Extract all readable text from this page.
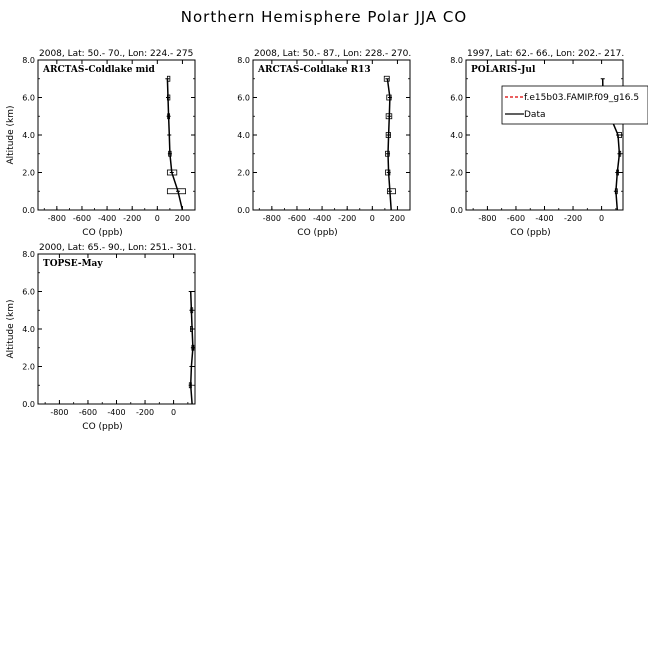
Northern Hemisphere Polar JJA CO
2008, Lat: 50.- 70., Lon: 224.- 275
ARCTAS-Coldlake mid
-800 -600 -400 -200 0 200
0.0
2.0
4.0
6.0
8.0
CO (ppb)
Altitude (km)
2008, Lat: 50.- 87., Lon: 228.- 270.
ARCTAS-Coldlake R13
-800 -600 -400 -200 0 200
0.0
2.0
4.0
6.0
8.0
CO (ppb)
1997, Lat: 62.- 66., Lon: 202.- 217.
POLARIS-Jul
-800 -600 -400 -200 0
0.0
2.0
4.0
6.0
8.0
CO (ppb)
f.e15b03.FAMIP.f09_g16.5
Data
2000, Lat: 65.- 90., Lon: 251.- 301.
TOPSE-May
-800 -600 -400 -200 0
0.0
2.0
4.0
6.0
8.0
CO (ppb)
Altitude (km)
